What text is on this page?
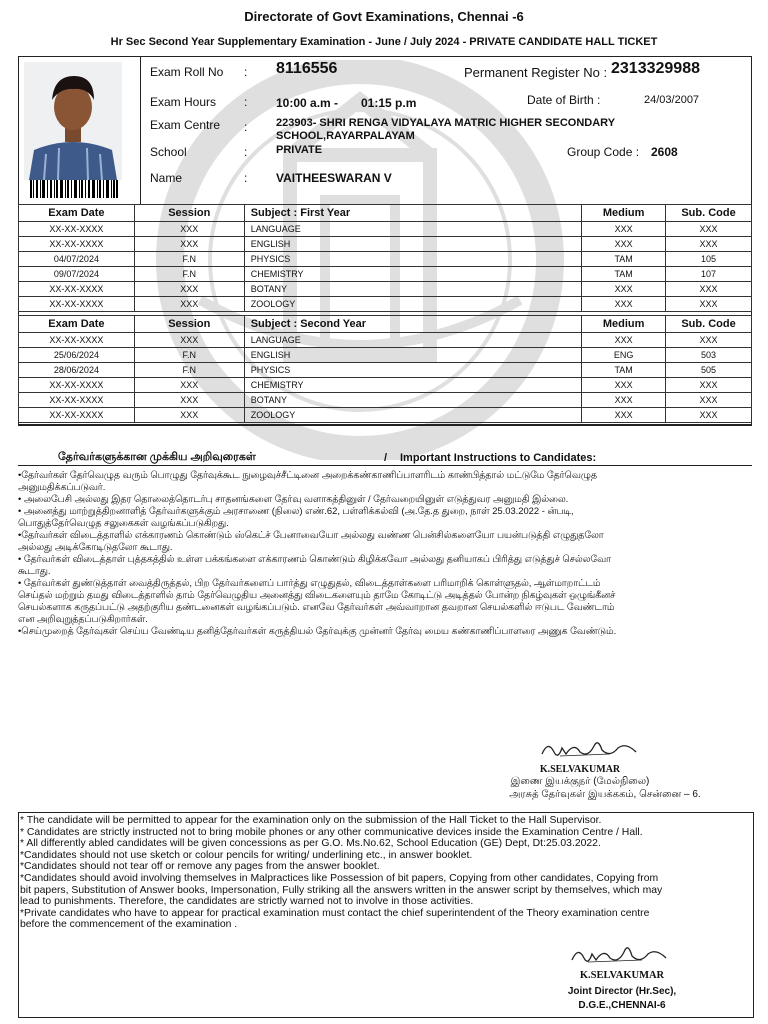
Directorate of Govt Examinations, Chennai -6
Hr Sec Second Year Supplementary Examination - June / July 2024 - PRIVATE CANDIDATE HALL TICKET
Exam Roll No : 8116556	Permanent Register No : 2313329988
Exam Hours : 10:00 a.m - 01:15 p.m	Date of Birth :	24/03/2007
Exam Centre :	223903- SHRI RENGA VIDYALAYA MATRIC HIGHER SECONDARY
SCHOOL,RAYARPALAYAM
School	:	PRIVATE	Group Code : 2608
Name	: VAITHEESWARAN V
Exam Date	Session	Subject : First Year	Medium	Sub. Code
XX-XX-XXXX	XXX	LANGUAGE	XXX	XXX
XX-XX-XXXX	XXX	ENGLISH	XXX	XXX
04/07/2024	F.N	PHYSICS	TAM	105
09/07/2024	F.N	CHEMISTRY	TAM	107
XX-XX-XXXX	XXX	BOTANY	XXX	XXX
XX-XX-XXXX	XXX	ZOOLOGY	XXX	XXX
Exam Date	Session	Subject : Second Year	Medium	Sub. Code
XX-XX-XXXX	XXX	LANGUAGE	XXX	XXX
25/06/2024	F.N	ENGLISH	ENG	503
28/06/2024	F.N	PHYSICS	TAM	505
XX-XX-XXXX	XXX	CHEMISTRY	XXX	XXX
XX-XX-XXXX	XXX	BOTANY	XXX	XXX
XX-XX-XXXX	XXX	ZOOLOGY	XXX	XXX
தேர்வர்களுக்கான முக்கிய அறிவுரைகள்	/ Important Instructions to Candidates:
•தேர்வர்கள் தேர்வெழுத வரும் பொழுது தேர்வுக்கூட நுழைவுச்சீட்டினை அறைக்கண்காணிப்பாளரிடம் காண்பித்தால் மட்டுமே தேர்வெழுத
அனுமதிக்கப்படுவர்.
• அலைபேசி அல்லது இதர தொலைத்தொடர்பு சாதனங்களை தேர்வு வளாகத்தினுள் / தேர்வறையினுள் எடுத்துவர அனுமதி இல்லை.
• அனைத்து மாற்றுத்திறனாளித் தேர்வர்களுக்கும் அரசாணை (நிலை) எண்.62, பள்ளிக்கல்வி (அ.தே.த துறை, நாள் 25.03.2022 - ன்படி,
பொதுத்தேர்வெழுத சலுகைகள் வழங்கப்படுகிறது.
•தேர்வர்கள் விடைத்தாளில் எக்காரணம் கொண்டும் ஸ்கெட்ச் பேனாவையோ அல்லது வண்ண பென்சில்களையோ பயன்படுத்தி எழுதுதலோ
அல்லது அடிக்கோடிடுதலோ கூடாது.
• தேர்வர்கள் விடைத்தாள் புத்தகத்தில் உள்ள பக்கங்களை எக்காரணம் கொண்டும் கிழிக்கவோ அல்லது தனியாகப் பிரித்து எடுத்துச் செல்லவோ
கூடாது.
• தேர்வர்கள் துண்டுத்தாள் வைத்திருத்தல், பிற தேர்வர்களைப் பார்த்து எழுதுதல், விடைத்தாள்களை பரிமாறிக் கொள்ளுதல், ஆள்மாறாட்டம்
செய்தல் மற்றும் தமது விடைத்தாளில் தாம் தேர்வெழுதிய அனைத்து விடைகளையும் தாமே கோடிட்டு அடித்தல் போன்ற நிகழ்வுகள் ஒழுங்கீனச்
செயல்களாக கருதப்பட்டு அதற்குரிய தண்டனைகள் வழங்கப்படும். எனவே தேர்வர்கள் அவ்வாறான தவறான செயல்களில் ஈடுபட வேண்டாம்
என அறிவுறுத்தப்படுகிறார்கள்.
•செய்முறைத் தேர்வுகள் செய்ய வேண்டிய தனித்தேர்வர்கள் கருத்தியல் தேர்வுக்கு முன்னர் தேர்வு மைய கண்காணிப்பாளரை அணுக வேண்டும்.
K.SELVAKUMAR
இணை இயக்குநர் (மேல்நிலை)
அரசுத் தேர்வுகள் இயக்ககம், சென்னை – 6.
* The candidate will be permitted to appear for the examination only on the submission of the Hall Ticket to the Hall Supervisor.
* Candidates are strictly instructed not to bring mobile phones or any other communicative devices inside the Examination Centre / Hall.
* All differently abled candidates will be given concessions as per G.O. Ms.No.62, School Education (GE) Dept, Dt:25.03.2022.
*Candidates should not use sketch or colour pencils for writing/ underlining etc., in answer booklet.
*Candidates should not tear off or remove any pages from the answer booklet.
*Candidates should avoid involving themselves in Malpractices like Possession of bit papers, Copying from other candidates, Copying from
bit papers, Substitution of Answer books, Impersonation, Fully striking all the answers written in the answer script by themselves, which may
lead to punishments. Therefore, the candidates are strictly warned not to involve in those activities.
*Private candidates who have to appear for practical examination must contact the chief superintendent of the Theory examination centre
before the commencement of the examination .
K.SELVAKUMAR
Joint Director (Hr.Sec),
D.G.E.,CHENNAI-6
